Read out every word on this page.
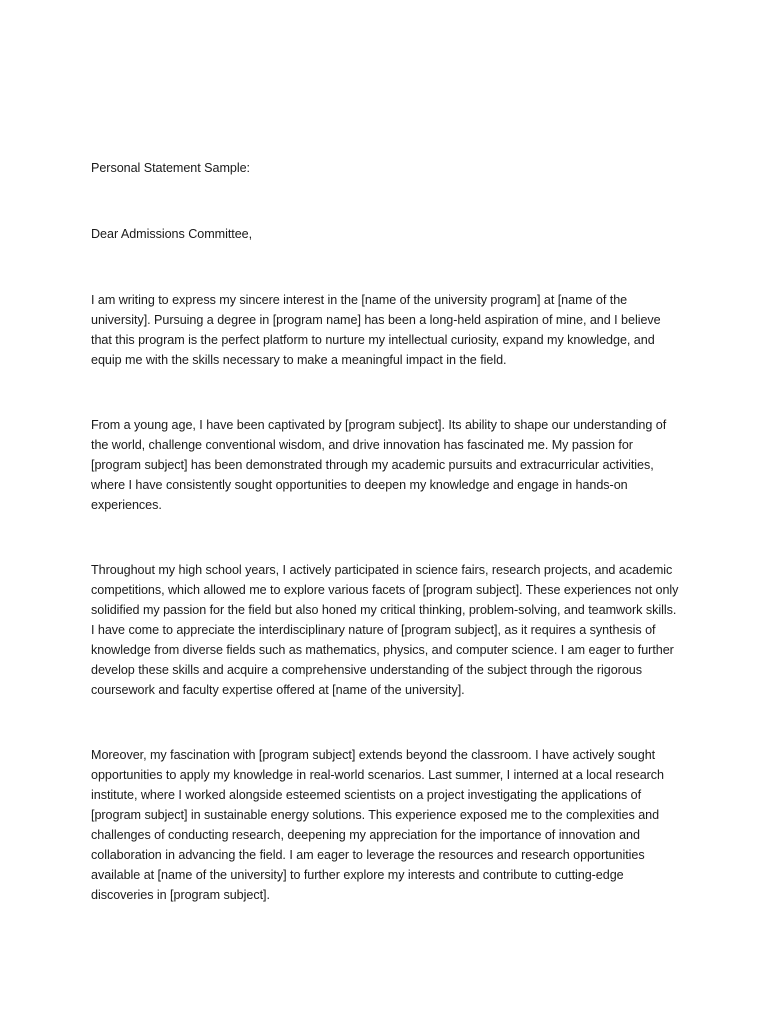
Personal Statement Sample:

Dear Admissions Committee,

I am writing to express my sincere interest in the [name of the university program] at [name of the university]. Pursuing a degree in [program name] has been a long-held aspiration of mine, and I believe that this program is the perfect platform to nurture my intellectual curiosity, expand my knowledge, and equip me with the skills necessary to make a meaningful impact in the field.

From a young age, I have been captivated by [program subject]. Its ability to shape our understanding of the world, challenge conventional wisdom, and drive innovation has fascinated me. My passion for [program subject] has been demonstrated through my academic pursuits and extracurricular activities, where I have consistently sought opportunities to deepen my knowledge and engage in hands-on experiences.

Throughout my high school years, I actively participated in science fairs, research projects, and academic competitions, which allowed me to explore various facets of [program subject]. These experiences not only solidified my passion for the field but also honed my critical thinking, problem-solving, and teamwork skills. I have come to appreciate the interdisciplinary nature of [program subject], as it requires a synthesis of knowledge from diverse fields such as mathematics, physics, and computer science. I am eager to further develop these skills and acquire a comprehensive understanding of the subject through the rigorous coursework and faculty expertise offered at [name of the university].

Moreover, my fascination with [program subject] extends beyond the classroom. I have actively sought opportunities to apply my knowledge in real-world scenarios. Last summer, I interned at a local research institute, where I worked alongside esteemed scientists on a project investigating the applications of [program subject] in sustainable energy solutions. This experience exposed me to the complexities and challenges of conducting research, deepening my appreciation for the importance of innovation and collaboration in advancing the field. I am eager to leverage the resources and research opportunities available at [name of the university] to further explore my interests and contribute to cutting-edge discoveries in [program subject].
